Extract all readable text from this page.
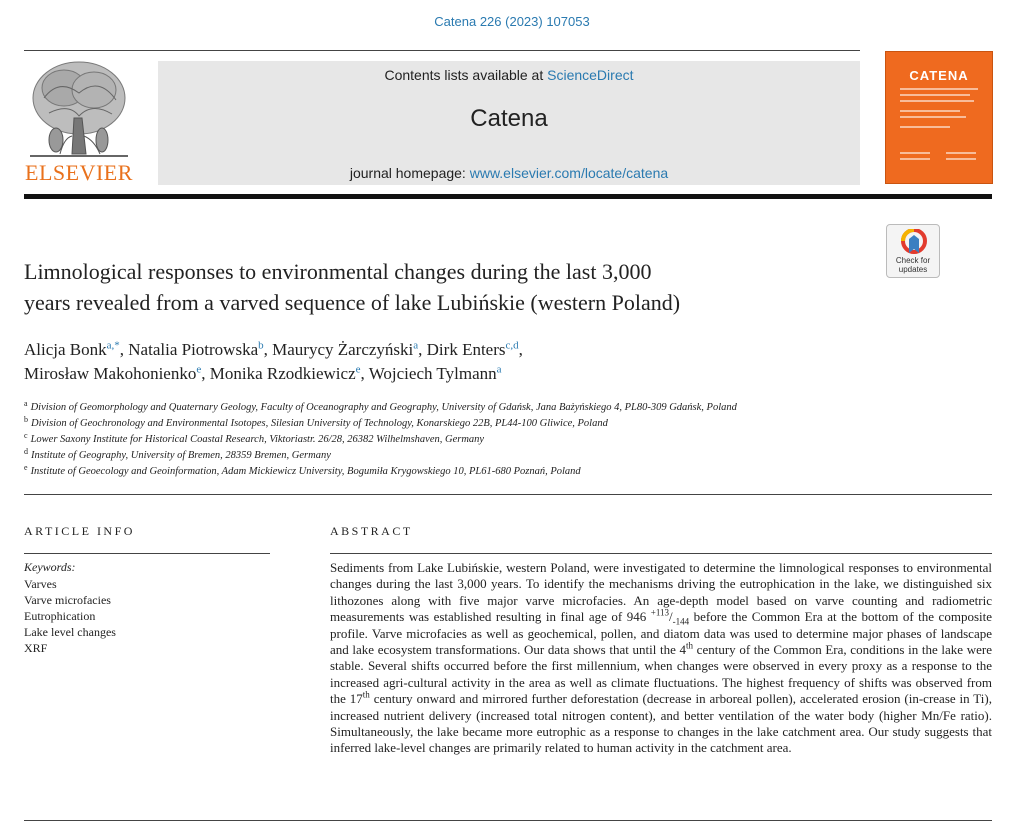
Catena 226 (2023) 107053
ELSEVIER
Contents lists available at ScienceDirect
Catena
journal homepage: www.elsevier.com/locate/catena
CATENA
Check for
updates
Limnological responses to environmental changes during the last 3,000
years revealed from a varved sequence of lake Lubińskie (western Poland)
Alicja Bonk$^{a,*}$, Natalia Piotrowska$^b$, Maurycy Żarczyński$^a$, Dirk Enters$^{c,d}$,
Mirosław Makohonienko$^e$, Monika Rzodkiewicz$^e$, Wojciech Tylmann$^a$
$^a$ Division of Geomorphology and Quaternary Geology, Faculty of Oceanography and Geography, University of Gdańsk, Jana Bażyńskiego 4, PL80-309 Gdańsk, Poland
$^b$ Division of Geochronology and Environmental Isotopes, Silesian University of Technology, Konarskiego 22B, PL44-100 Gliwice, Poland
$^c$ Lower Saxony Institute for Historical Coastal Research, Viktoriastr. 26/28, 26382 Wilhelmshaven, Germany
$^d$ Institute of Geography, University of Bremen, 28359 Bremen, Germany
$^e$ Institute of Geoecology and Geoinformation, Adam Mickiewicz University, Bogumiła Krygowskiego 10, PL61-680 Poznań, Poland
ARTICLE INFO
Keywords:
Varves
Varve microfacies
Eutrophication
Lake level changes
XRF
ABSTRACT
Sediments from Lake Lubińskie, western Poland, were investigated to determine the limnological responses to environmental changes during the last 3,000 years. To identify the mechanisms driving the eutrophication in the lake, we distinguished six lithozones along with five major varve microfacies. An age-depth model based on varve counting and radiometric measurements was established resulting in final age of 946 $^{+113}/_{-144}$ before the Common Era at the bottom of the composite profile. Varve microfacies as well as geochemical, pollen, and diatom data was used to determine major phases of landscape and lake ecosystem transformations. Our data shows that until the 4th century of the Common Era, conditions in the lake were stable. Several shifts occurred before the first millennium, when changes were observed in every proxy as a response to the increased agri-cultural activity in the area as well as climate fluctuations. The highest frequency of shifts was observed from the 17th century onward and mirrored further deforestation (decrease in arboreal pollen), accelerated erosion (in-crease in Ti), increased nutrient delivery (increased total nitrogen content), and better ventilation of the water body (higher Mn/Fe ratio). Simultaneously, the lake became more eutrophic as a response to changes in the lake catchment area. Our study suggests that inferred lake-level changes are primarily related to human activity in the catchment area.
